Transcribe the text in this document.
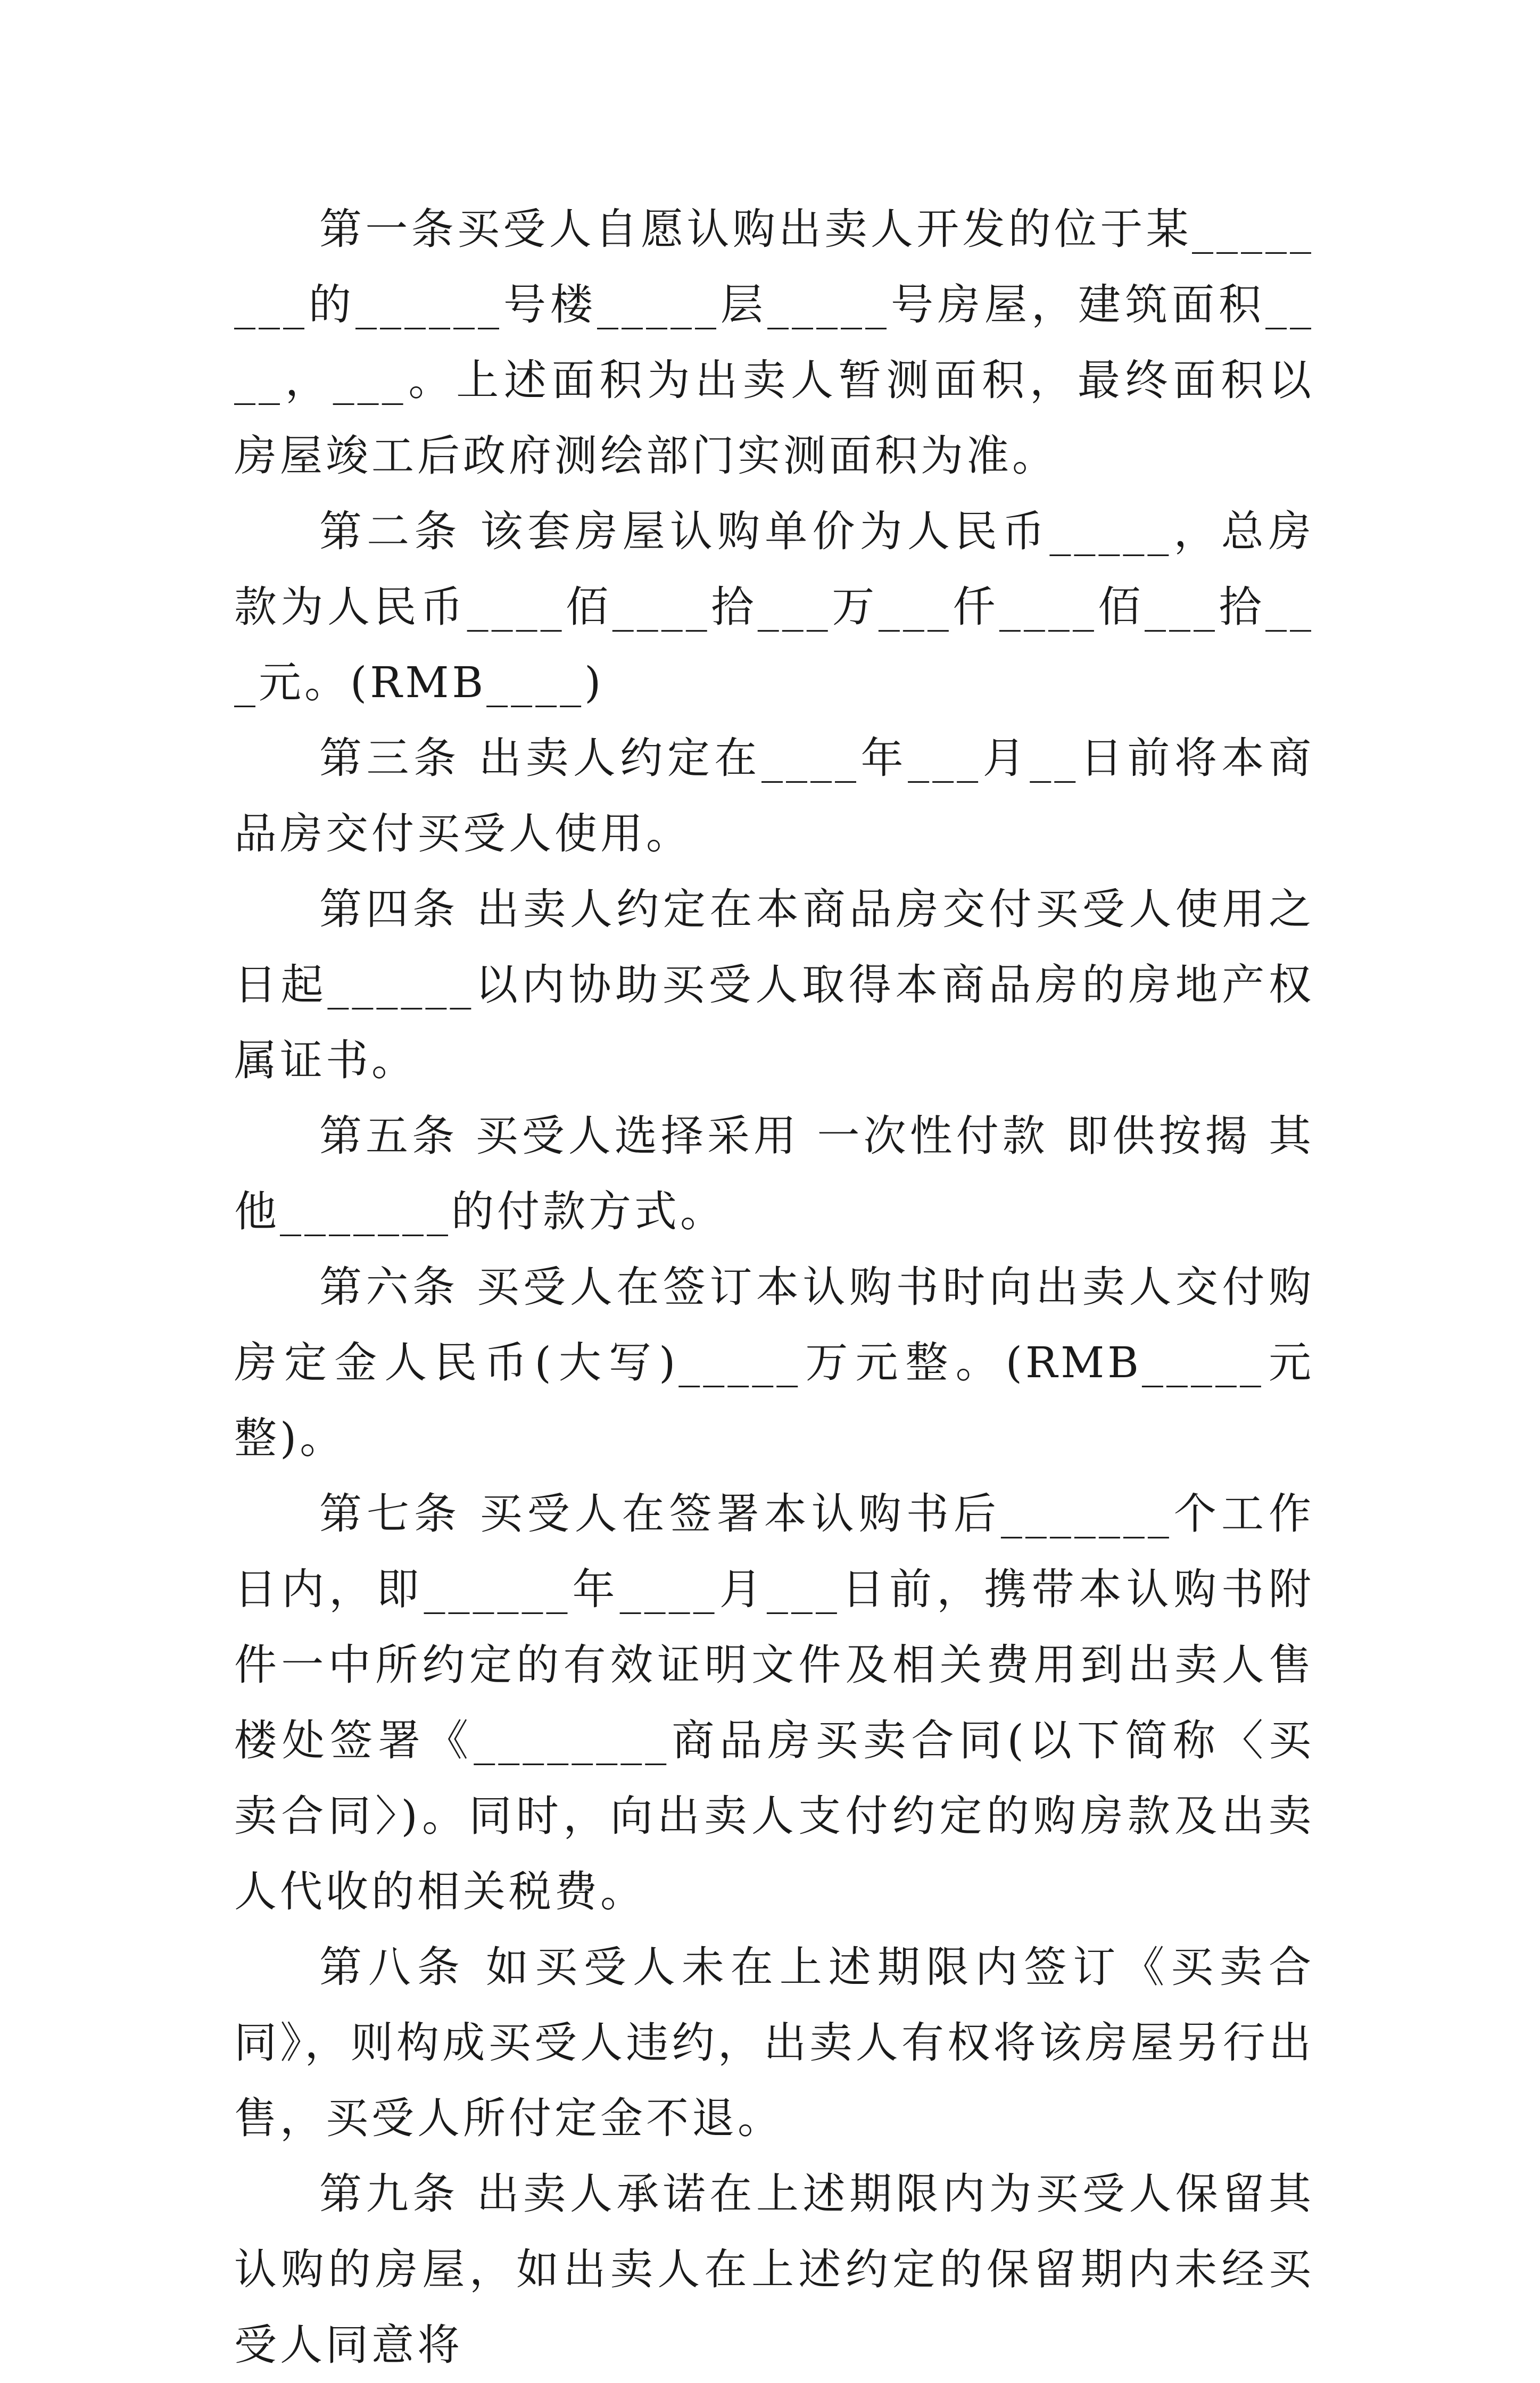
第一条买受人自愿认购出卖人开发的位于某________的______号楼_____层_____号房屋，建筑面积____，___。上述面积为出卖人暂测面积，最终面积以房屋竣工后政府测绘部门实测面积为准。

第二条 该套房屋认购单价为人民币_____，总房款为人民币____佰____拾___万___仟____佰___拾___元。(RMB____)

第三条 出卖人约定在____年___月__日前将本商品房交付买受人使用。

第四条 出卖人约定在本商品房交付买受人使用之日起______以内协助买受人取得本商品房的房地产权属证书。

第五条 买受人选择采用 一次性付款 即供按揭 其他_______的付款方式。

第六条 买受人在签订本认购书时向出卖人交付购房定金人民币(大写)_____万元整。(RMB_____元整)。

第七条 买受人在签署本认购书后_______个工作日内，即______年____月___日前，携带本认购书附件一中所约定的有效证明文件及相关费用到出卖人售楼处签署《________商品房买卖合同(以下简称〈买卖合同〉)。同时，向出卖人支付约定的购房款及出卖人代收的相关税费。

第八条 如买受人未在上述期限内签订《买卖合同》，则构成买受人违约，出卖人有权将该房屋另行出售，买受人所付定金不退。

第九条 出卖人承诺在上述期限内为买受人保留其认购的房屋，如出卖人在上述约定的保留期内未经买受人同意将
